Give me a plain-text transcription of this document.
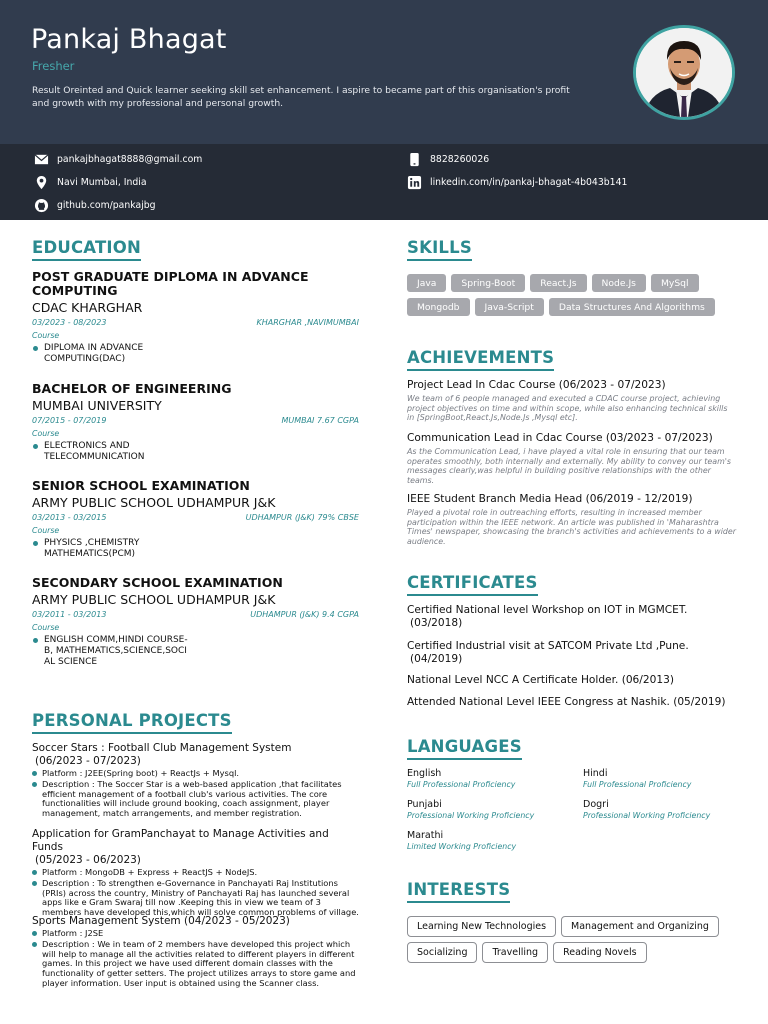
Pankaj Bhagat
Fresher
Result Oreinted and Quick learner seeking skill set enhancement. I aspire to became part of this organisation's profit and growth with my professional and personal growth.
pankajbhagat8888@gmail.com	8828260026
Navi Mumbai, India	linkedin.com/in/pankaj-bhagat-4b043b141
github.com/pankajbg
EDUCATION
POST GRADUATE DIPLOMA IN ADVANCE COMPUTING
CDAC KHARGHAR
03/2023 - 08/2023	KHARGHAR ,NAVIMUMBAI
Course
DIPLOMA IN ADVANCE COMPUTING(DAC)
BACHELOR OF ENGINEERING
MUMBAI UNIVERSITY
07/2015 - 07/2019	MUMBAI 7.67 CGPA
Course
ELECTRONICS AND TELECOMMUNICATION
SENIOR SCHOOL EXAMINATION
ARMY PUBLIC SCHOOL UDHAMPUR J&K
03/2013 - 03/2015	UDHAMPUR (J&K) 79% CBSE
Course
PHYSICS ,CHEMISTRY MATHEMATICS(PCM)
SECONDARY SCHOOL EXAMINATION
ARMY PUBLIC SCHOOL UDHAMPUR J&K
03/2011 - 03/2013	UDHAMPUR (J&K) 9.4 CGPA
Course
ENGLISH COMM,HINDI COURSE-B, MATHEMATICS,SCIENCE,SOCI AL SCIENCE
PERSONAL PROJECTS
Soccer Stars : Football Club Management System
(06/2023 - 07/2023)
Platform : J2EE(Spring boot) + ReactJs + Mysql.
Description : The Soccer Star is a web-based application ,that facilitates efficient management of a football club's various activities. The core functionalities will include ground booking, coach assignment, player management, match arrangements, and member registration.
Application for GramPanchayat to Manage Activities and Funds
(05/2023 - 06/2023)
Platform : MongoDB + Express + ReactJS + NodeJS.
Description : To strengthen e-Governance in Panchayati Raj Institutions (PRIs) across the country, Ministry of Panchayati Raj has launched several apps like e Gram Swaraj till now .Keeping this in view we team of 3 members have developed this,which will solve common problems of village.
Sports Management System (04/2023 - 05/2023)
Platform : J2SE
Description : We in team of 2 members have developed this project which will help to manage all the activities related to different players in different games. In this project we have used different domain classes with the functionality of getter setters. The project utilizes arrays to store game and player information. User input is obtained using the Scanner class.
SKILLS
Java	Spring-Boot	React.Js	Node.Js	MySql
Mongodb	Java-Script	Data Structures And Algorithms
ACHIEVEMENTS
Project Lead In Cdac Course (06/2023 - 07/2023)
We team of 6 people managed and executed a CDAC course project, achieving project objectives on time and within scope, while also enhancing technical skills in [SpringBoot,React.Js,Node.Js ,Mysql etc].
Communication Lead in Cdac Course (03/2023 - 07/2023)
As the Communication Lead, i have played a vital role in ensuring that our team operates smoothly, both internally and externally. My ability to convey our team's messages clearly,was helpful in building positive relationships with the other teams.
IEEE Student Branch Media Head (06/2019 - 12/2019)
Played a pivotal role in outreaching efforts, resulting in increased member participation within the IEEE network. An article was published in 'Maharashtra Times' newspaper, showcasing the branch's activities and achievements to a wider audience.
CERTIFICATES
Certified National level Workshop on IOT in MGMCET.
(03/2018)
Certified Industrial visit at SATCOM Private Ltd ,Pune.
(04/2019)
National Level NCC A Certificate Holder. (06/2013)
Attended National Level IEEE Congress at Nashik. (05/2019)
LANGUAGES
English
Full Professional Proficiency
Hindi
Full Professional Proficiency
Punjabi
Professional Working Proficiency
Dogri
Professional Working Proficiency
Marathi
Limited Working Proficiency
INTERESTS
Learning New Technologies	Management and Organizing
Socializing	Travelling	Reading Novels
